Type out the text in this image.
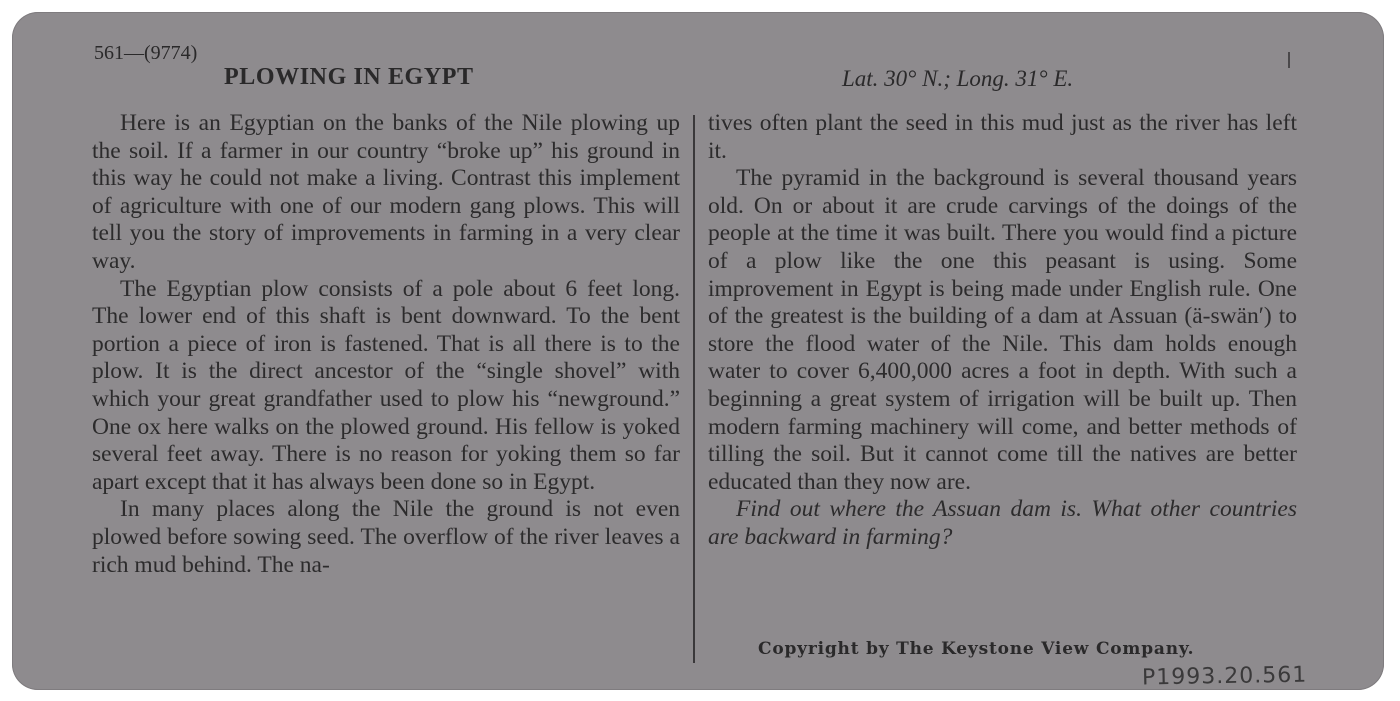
561—(9774)
PLOWING IN EGYPT	Lat. 30° N.; Long. 31° E.

Here is an Egyptian on the banks of the Nile plowing up the soil. If a farmer in our country “broke up” his ground in this way he could not make a living. Contrast this implement of agriculture with one of our modern gang plows. This will tell you the story of improvements in farming in a very clear way.

The Egyptian plow consists of a pole about 6 feet long. The lower end of this shaft is bent downward. To the bent portion a piece of iron is fastened. That is all there is to the plow. It is the direct ancestor of the “single shovel” with which your great grandfather used to plow his “newground.” One ox here walks on the plowed ground. His fellow is yoked several feet away. There is no reason for yoking them so far apart except that it has always been done so in Egypt.

In many places along the Nile the ground is not even plowed before sowing seed. The overflow of the river leaves a rich mud behind. The na-

tives often plant the seed in this mud just as the river has left it.

The pyramid in the background is several thousand years old. On or about it are crude carvings of the doings of the people at the time it was built. There you would find a picture of a plow like the one this peasant is using. Some improvement in Egypt is being made under English rule. One of the greatest is the building of a dam at Assuan (ä-swän′) to store the flood water of the Nile. This dam holds enough water to cover 6,400,000 acres a foot in depth. With such a beginning a great system of irrigation will be built up. Then modern farming machinery will come, and better methods of tilling the soil. But it cannot come till the natives are better educated than they now are.

Find out where the Assuan dam is. What other countries are backward in farming?

Copyright by The Keystone View Company.
P1993.20.561
